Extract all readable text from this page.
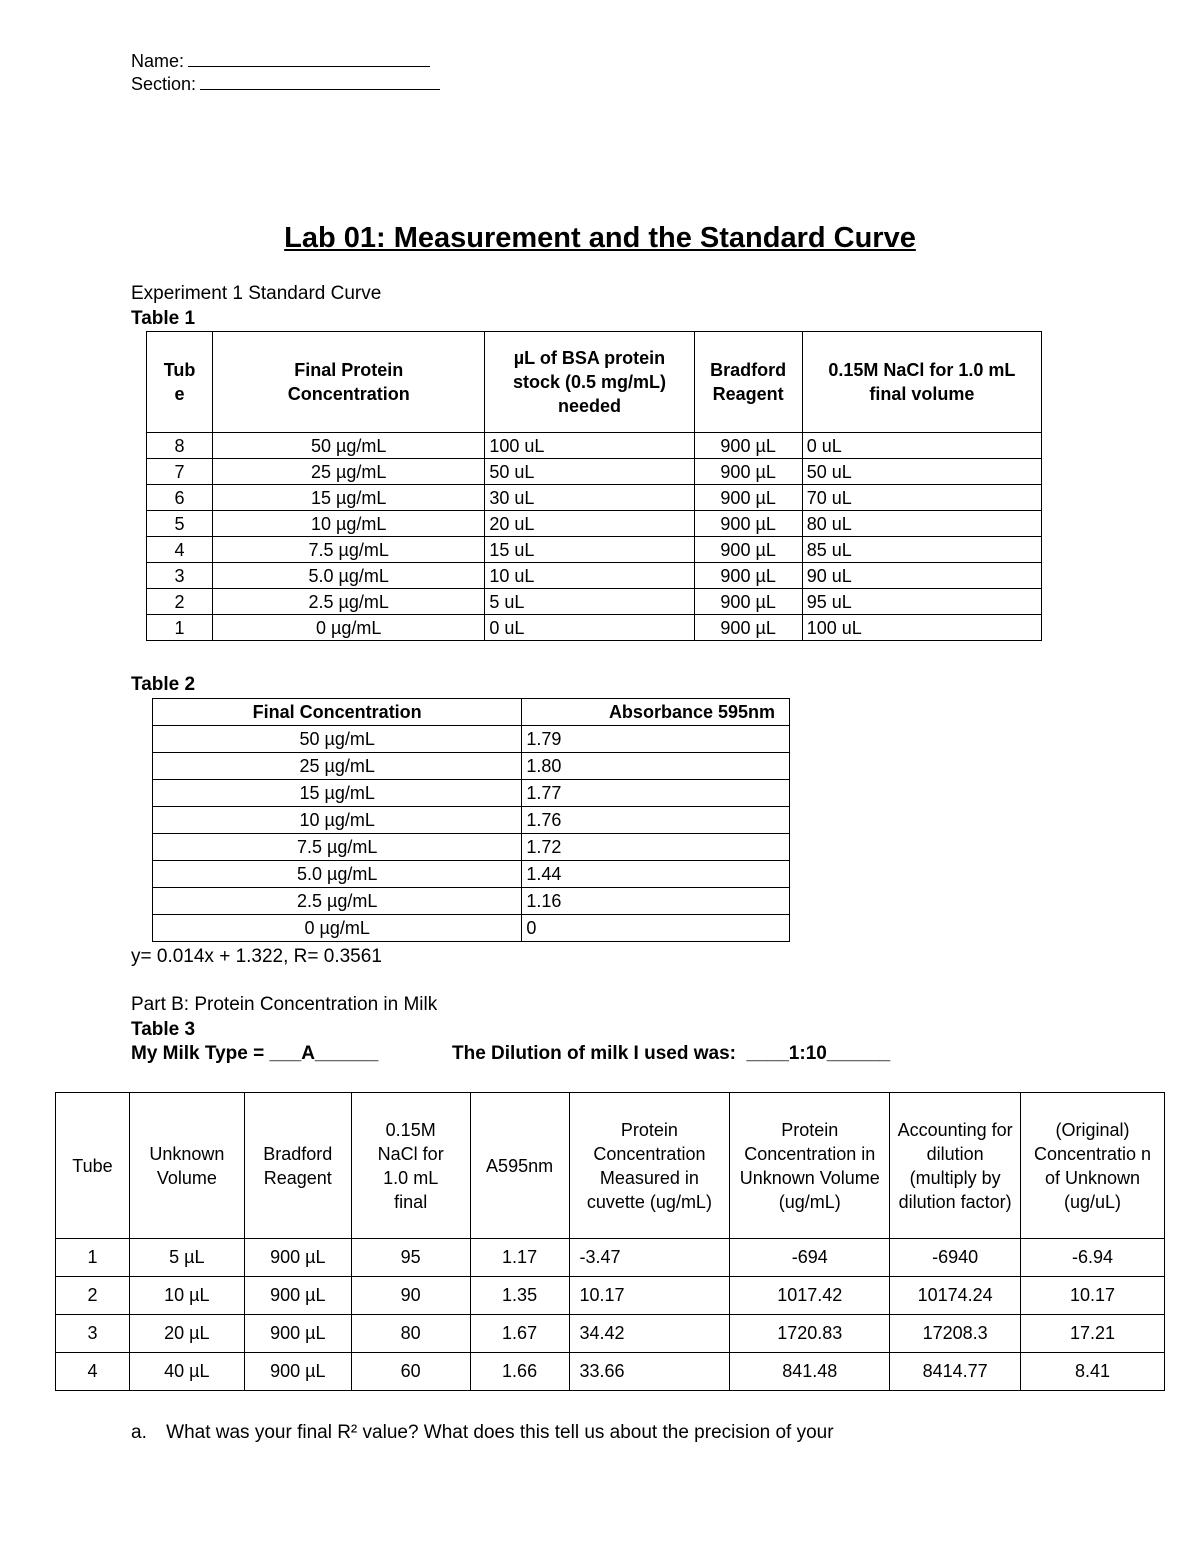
Name:
Section:
Lab 01: Measurement and the Standard Curve
Experiment 1 Standard Curve
Table 1
Tub e	Final Protein Concentration	µL of BSA protein stock (0.5 mg/mL) needed	Bradford Reagent	0.15M NaCl for 1.0 mL final volume
8	50 µg/mL	100 uL	900 µL	0 uL
7	25 µg/mL	50 uL	900 µL	50 uL
6	15 µg/mL	30 uL	900 µL	70 uL
5	10 µg/mL	20 uL	900 µL	80 uL
4	7.5 µg/mL	15 uL	900 µL	85 uL
3	5.0 µg/mL	10 uL	900 µL	90 uL
2	2.5 µg/mL	5 uL	900 µL	95 uL
1	0 µg/mL	0 uL	900 µL	100 uL
Table 2
Final Concentration	Absorbance 595nm
50 µg/mL	1.79
25 µg/mL	1.80
15 µg/mL	1.77
10 µg/mL	1.76
7.5 µg/mL	1.72
5.0 µg/mL	1.44
2.5 µg/mL	1.16
0 µg/mL	0
y= 0.014x + 1.322, R= 0.3561
Part B: Protein Concentration in Milk
Table 3
My Milk Type = ___A______	The Dilution of milk I used was:  ____1:10______
Tube	Unknown Volume	Bradford Reagent	0.15M NaCl for 1.0 mL final	A595nm	Protein Concentration Measured in cuvette (ug/mL)	Protein Concentration in Unknown Volume (ug/mL)	Accounting for dilution (multiply by dilution factor)	(Original) Concentratio n of Unknown (ug/uL)
1	5 µL	900 µL	95	1.17	-3.47	-694	-6940	-6.94
2	10 µL	900 µL	90	1.35	10.17	1017.42	10174.24	10.17
3	20 µL	900 µL	80	1.67	34.42	1720.83	17208.3	17.21
4	40 µL	900 µL	60	1.66	33.66	841.48	8414.77	8.41
a. What was your final R² value? What does this tell us about the precision of your
